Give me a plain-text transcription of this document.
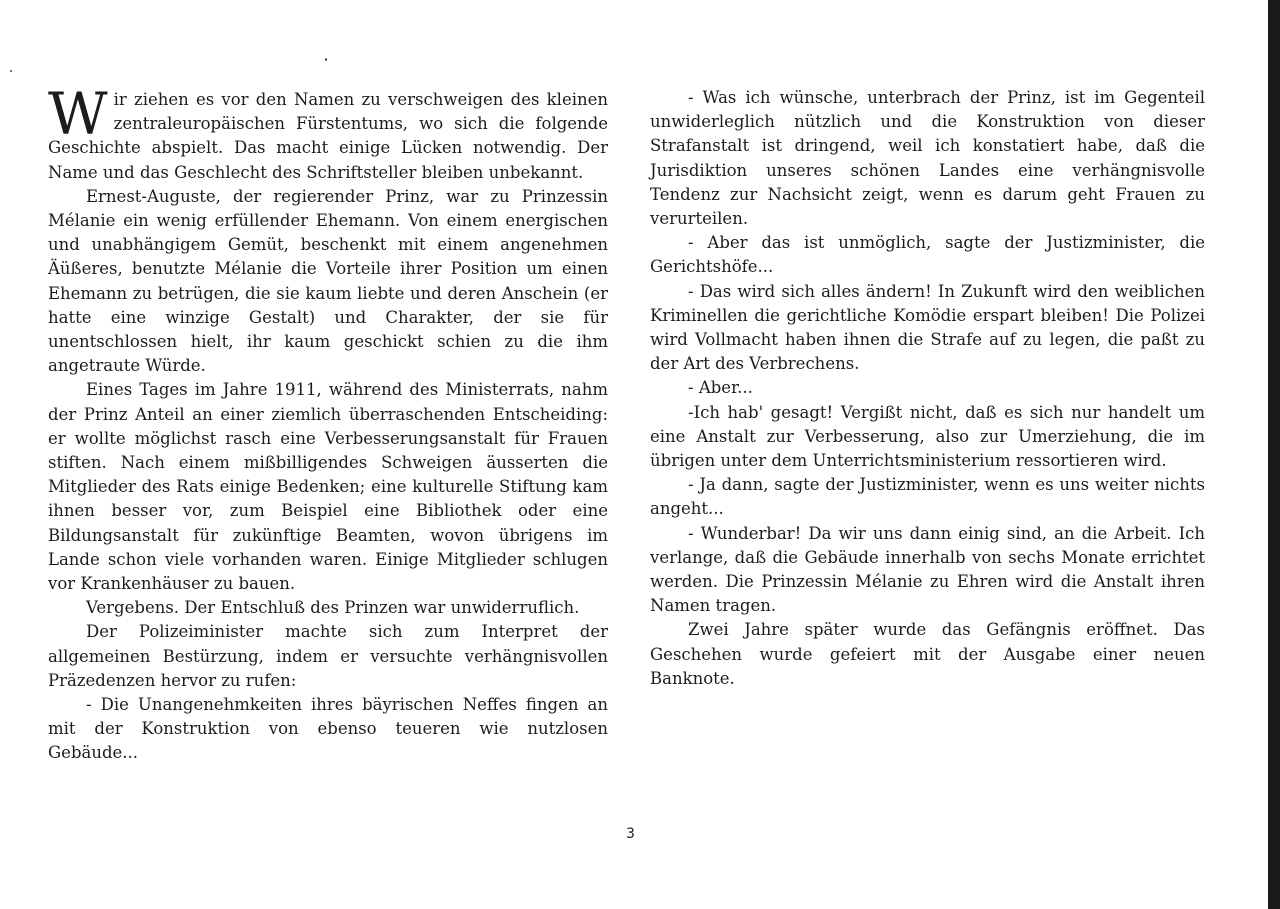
Wir ziehen es vor den Namen zu verschweigen des kleinen zentraleuropäischen Fürstentums, wo sich die folgende Geschichte abspielt. Das macht einige Lücken notwendig. Der Name und das Geschlecht des Schriftsteller bleiben unbekannt.

Ernest-Auguste, der regierender Prinz, war zu Prinzessin Mélanie ein wenig erfüllender Ehemann. Von einem energischen und unabhängigem Gemüt, beschenkt mit einem angenehmen Äüßeres, benutzte Mélanie die Vorteile ihrer Position um einen Ehemann zu betrügen, die sie kaum liebte und deren Anschein (er hatte eine winzige Gestalt) und Charakter, der sie für unentschlossen hielt, ihr kaum geschickt schien zu die ihm angetraute Würde.

Eines Tages im Jahre 1911, während des Ministerrats, nahm der Prinz Anteil an einer ziemlich überraschenden Entscheiding: er wollte möglichst rasch eine Verbesserungsanstalt für Frauen stiften. Nach einem mißbilligendes Schweigen äusserten die Mitglieder des Rats einige Bedenken; eine kulturelle Stiftung kam ihnen besser vor, zum Beispiel eine Bibliothek oder eine Bildungsanstalt für zukünftige Beamten, wovon übrigens im Lande schon viele vorhanden waren. Einige Mitglieder schlugen vor Krankenhäuser zu bauen.

Vergebens. Der Entschluß des Prinzen war unwiderruflich.

Der Polizeiminister machte sich zum Interpret der allgemeinen Bestürzung, indem er versuchte verhängnisvollen Präzedenzen hervor zu rufen:

- Die Unangenehmkeiten ihres bäyrischen Neffes fingen an mit der Konstruktion von ebenso teueren wie nutzlosen Gebäude...

- Was ich wünsche, unterbrach der Prinz, ist im Gegenteil unwiderleglich nützlich und die Konstruktion von dieser Strafanstalt ist dringend, weil ich konstatiert habe, daß die Jurisdiktion unseres schönen Landes eine verhängnisvolle Tendenz zur Nachsicht zeigt, wenn es darum geht Frauen zu verurteilen.

- Aber das ist unmöglich, sagte der Justizminister, die Gerichtshöfe...

- Das wird sich alles ändern! In Zukunft wird den weiblichen Kriminellen die gerichtliche Komödie erspart bleiben! Die Polizei wird Vollmacht haben ihnen die Strafe auf zu legen, die paßt zu der Art des Verbrechens.

- Aber...

-Ich hab' gesagt! Vergißt nicht, daß es sich nur handelt um eine Anstalt zur Verbesserung, also zur Umerziehung, die im übrigen unter dem Unterrichtsministerium ressortieren wird.

- Ja dann, sagte der Justizminister, wenn es uns weiter nichts angeht...

- Wunderbar! Da wir uns dann einig sind, an die Arbeit. Ich verlange, daß die Gebäude innerhalb von sechs Monate errichtet werden. Die Prinzessin Mélanie zu Ehren wird die Anstalt ihren Namen tragen.

Zwei Jahre später wurde das Gefängnis eröffnet. Das Geschehen wurde gefeiert mit der Ausgabe einer neuen Banknote.

3
